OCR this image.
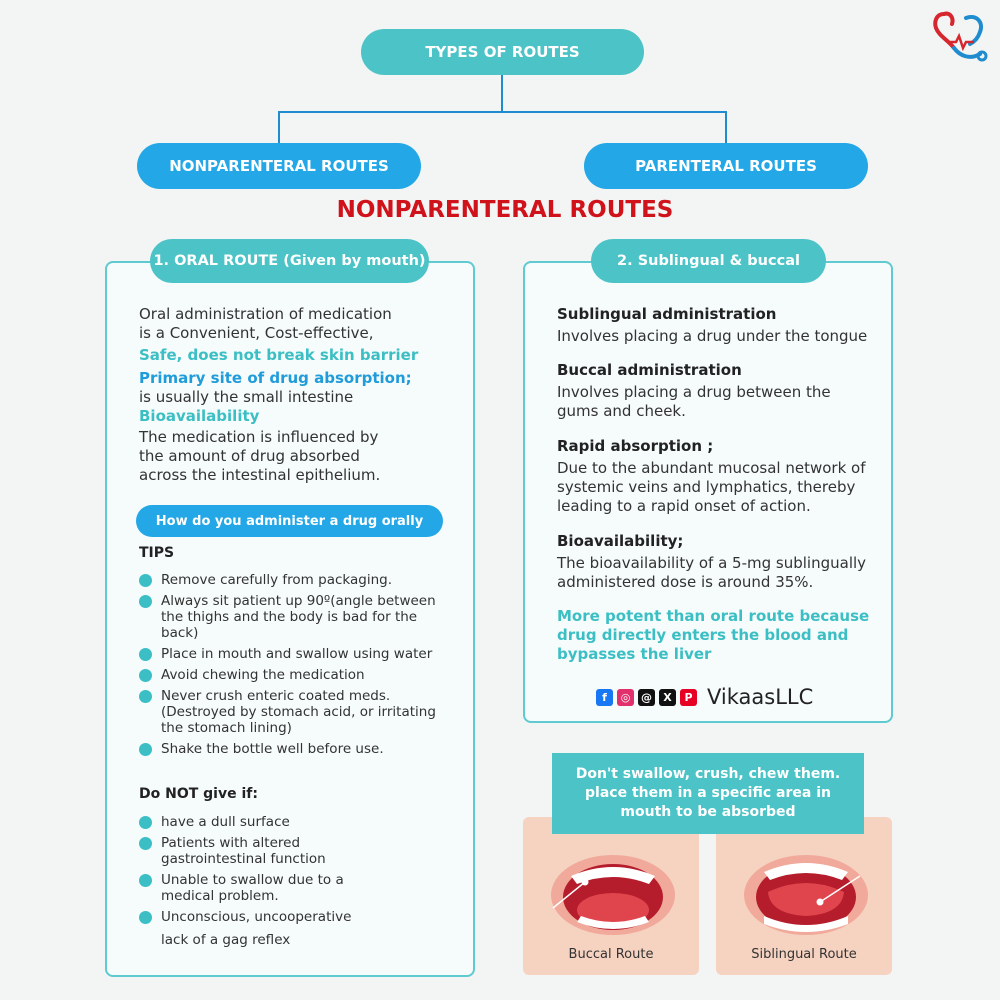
TYPES OF ROUTES
NONPARENTERAL ROUTES	PARENTERAL ROUTES
NONPARENTERAL ROUTES
1. ORAL ROUTE (Given by mouth)

Oral administration of medication

is a Convenient, Cost-effective,

Safe, does not break skin barrier

Primary site of drug absorption;

is usually the small intestine

Bioavailability

The medication is influenced by

the amount of drug absorbed

across the intestinal epithelium.

How do you administer a drug orally
TIPS
Remove carefully from packaging.
Always sit patient up 90º(angle between the thighs and the body is bad for the back)
Place in mouth and swallow using water
Avoid chewing the medication
Never crush enteric coated meds.(Destroyed by stomach acid, or irritating the stomach lining)
Shake the bottle well before use.
Do NOT give if:
have a dull surface
Patients with altered gastrointestinal function
Unable to swallow due to a medical problem.
Unconscious, uncooperative
lack of a gag reflex
2. Sublingual & buccal

Sublingual administration

Involves placing a drug under the tongue

Buccal administration

Involves placing a drug between the

gums and cheek.

Rapid absorption ;

Due to the abundant mucosal network of

systemic veins and lymphatics, thereby

leading to a rapid onset of action.

Bioavailability;

The bioavailability of a 5-mg sublingually

administered dose is around 35%.

More potent than oral route because

drug directly enters the blood and

bypasses the liver

f	◎ @	X	P VikaasLLC
Buccal Route	Siblingual Route

Don't swallow, crush, chew them.

place them in a specific area in

mouth to be absorbed
